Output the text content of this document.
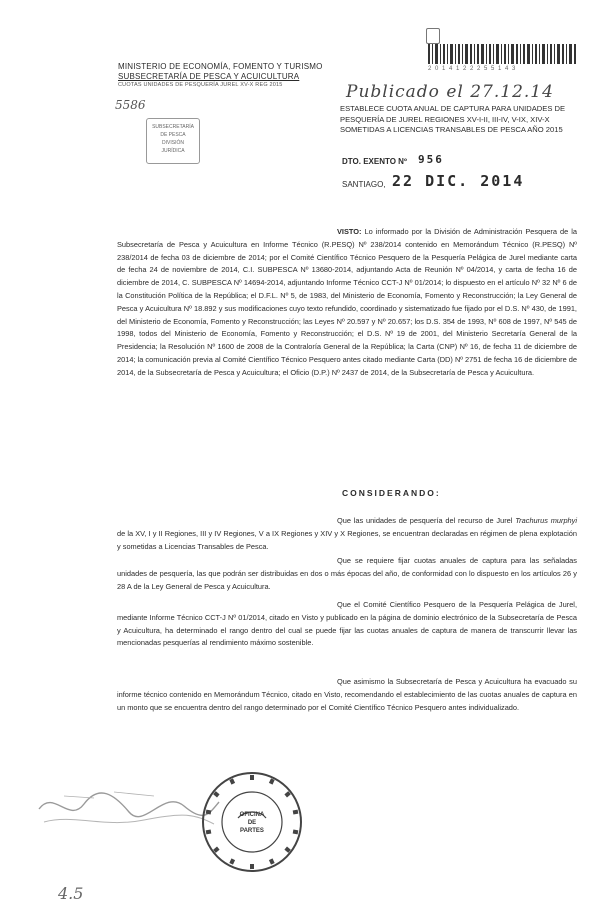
MINISTERIO DE ECONOMÍA, FOMENTO Y TURISMO
SUBSECRETARÍA DE PESCA Y ACUICULTURA
CUOTAS UNIDADES DE PESQUERÍA JUREL XV-X REG 2015
5586
SUBSECRETARÍA
DE PESCA
DIVISIÓN
JURÍDICA
2 0 1 4 1 2 2 2 5 5 1 4 3
Publicado el 27.12.14
ESTABLECE CUOTA ANUAL DE CAPTURA PARA UNIDADES DE PESQUERÍA DE JUREL REGIONES XV-I-II, III-IV, V-IX, XIV-X SOMETIDAS A LICENCIAS TRANSABLES DE PESCA AÑO 2015
DTO. EXENTO Nº 956
SANTIAGO, 22 DIC. 2014
VISTO: Lo informado por la División de Administración Pesquera de la Subsecretaría de Pesca y Acuicultura en Informe Técnico (R.PESQ) Nº 238/2014 contenido en Memorándum Técnico (R.PESQ) Nº 238/2014 de fecha 03 de diciembre de 2014; por el Comité Científico Técnico Pesquero de la Pesquería Pelágica de Jurel mediante carta de fecha 24 de noviembre de 2014, C.I. SUBPESCA Nº 13680-2014, adjuntando Acta de Reunión Nº 04/2014, y carta de fecha 16 de diciembre de 2014, C. SUBPESCA Nº 14694-2014, adjuntando Informe Técnico CCT-J Nº 01/2014; lo dispuesto en el artículo Nº 32 Nº 6 de la Constitución Política de la República; el D.F.L. Nº 5, de 1983, del Ministerio de Economía, Fomento y Reconstrucción; la Ley General de Pesca y Acuicultura Nº 18.892 y sus modificaciones cuyo texto refundido, coordinado y sistematizado fue fijado por el D.S. Nº 430, de 1991, del Ministerio de Economía, Fomento y Reconstrucción; las Leyes Nº 20.597 y Nº 20.657; los D.S. 354 de 1993, Nº 608 de 1997, Nº 545 de 1998, todos del Ministerio de Economía, Fomento y Reconstrucción; el D.S. Nº 19 de 2001, del Ministerio Secretaría General de la Presidencia; la Resolución Nº 1600 de 2008 de la Contraloría General de la República; la Carta (CNP) Nº 16, de fecha 11 de diciembre de 2014; la comunicación previa al Comité Científico Técnico Pesquero antes citado mediante Carta (DD) Nº 2751 de fecha 16 de diciembre de 2014, de la Subsecretaría de Pesca y Acuicultura; el Oficio (D.P.) Nº 2437 de 2014, de la Subsecretaría de Pesca y Acuicultura.
CONSIDERANDO:
Que las unidades de pesquería del recurso de Jurel Trachurus murphyi de la XV, I y II Regiones, III y IV Regiones, V a IX Regiones y XIV y X Regiones, se encuentran declaradas en régimen de plena explotación y sometidas a Licencias Transables de Pesca.
Que se requiere fijar cuotas anuales de captura para las señaladas unidades de pesquería, las que podrán ser distribuidas en dos o más épocas del año, de conformidad con lo dispuesto en los artículos 26 y 28 A de la Ley General de Pesca y Acuicultura.
Que el Comité Científico Pesquero de la Pesquería Pelágica de Jurel, mediante Informe Técnico CCT-J Nº 01/2014, citado en Visto y publicado en la página de dominio electrónico de la Subsecretaría de Pesca y Acuicultura, ha determinado el rango dentro del cual se puede fijar las cuotas anuales de captura de manera de transcurrir llevar las mencionadas pesquerías al rendimiento máximo sostenible.
Que asimismo la Subsecretaría de Pesca y Acuicultura ha evacuado su informe técnico contenido en Memorándum Técnico, citado en Visto, recomendando el establecimiento de las cuotas anuales de captura en un monto que se encuentra dentro del rango determinado por el Comité Científico Técnico Pesquero antes individualizado.
OFICINA
DE
PARTES
4.5
